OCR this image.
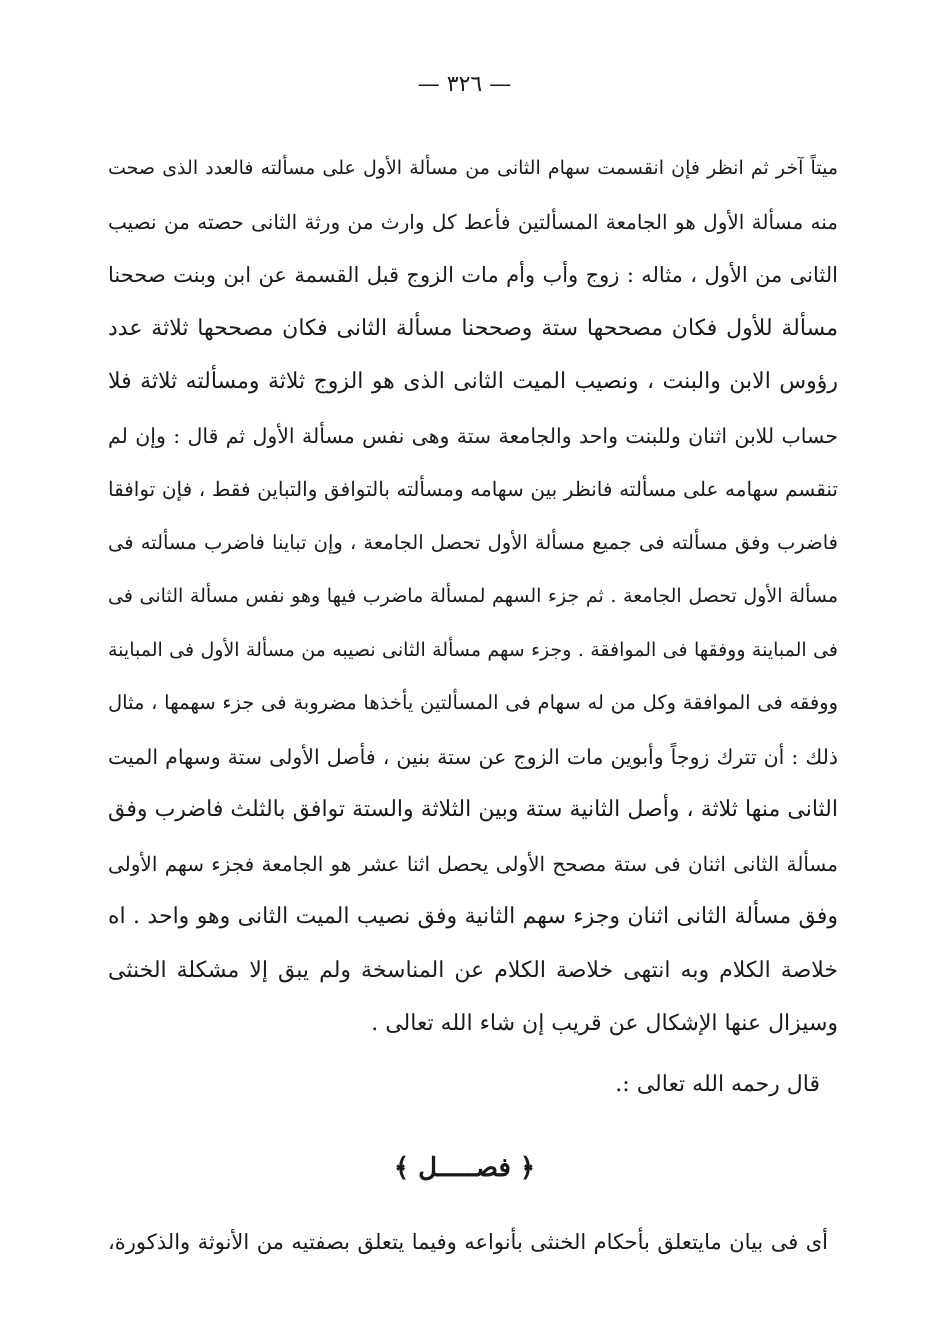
— ٣٢٦ —
ميتاً آخر ثم انظر فإن انقسمت سهام الثانى من مسألة الأول على مسألته فالعدد الذى صحت
منه مسألة الأول هو الجامعة المسألتين فأعط كل وارث من ورثة الثانى حصته من نصيب
الثانى من الأول ، مثاله : زوج وأب وأم مات الزوج قبل القسمة عن ابن وبنت صححنا
مسألة للأول فكان مصححها ستة وصححنا مسألة الثانى فكان مصححها ثلاثة عدد
رؤوس الابن والبنت ، ونصيب الميت الثانى الذى هو الزوج ثلاثة ومسألته ثلاثة فلا
حساب للابن اثنان وللبنت واحد والجامعة ستة وهى نفس مسألة الأول ثم قال : وإن لم
تنقسم سهامه على مسألته فانظر بين سهامه ومسألته بالتوافق والتباين فقط ، فإن توافقا
فاضرب وفق مسألته فى جميع مسألة الأول تحصل الجامعة ، وإن تباينا فاضرب مسألته فى
مسألة الأول تحصل الجامعة . ثم جزء السهم لمسألة ماضرب فيها وهو نفس مسألة الثانى فى
فى المباينة ووفقها فى الموافقة . وجزء سهم مسألة الثانى نصيبه من مسألة الأول فى المباينة
ووفقه فى الموافقة وكل من له سهام فى المسألتين يأخذها مضروبة فى جزء سهمها ، مثال
ذلك : أن تترك زوجاً وأبوين مات الزوج عن ستة بنين ، فأصل الأولى ستة وسهام الميت
الثانى منها ثلاثة ، وأصل الثانية ستة وبين الثلاثة والستة توافق بالثلث فاضرب وفق
مسألة الثانى اثنان فى ستة مصحح الأولى يحصل اثنا عشر هو الجامعة فجزء سهم الأولى
وفق مسألة الثانى اثنان وجزء سهم الثانية وفق نصيب الميت الثانى وهو واحد . اه
خلاصة الكلام وبه انتهى خلاصة الكلام عن المناسخة ولم يبق إلا مشكلة الخنثى
وسيزال عنها الإشكال عن قريب إن شاء الله تعالى .
قال رحمه الله تعالى :.
﴿ فصـــــل ﴾
أى فى بيان مايتعلق بأحكام الخنثى بأنواعه وفيما يتعلق بصفتيه من الأنوثة والذكورة،
